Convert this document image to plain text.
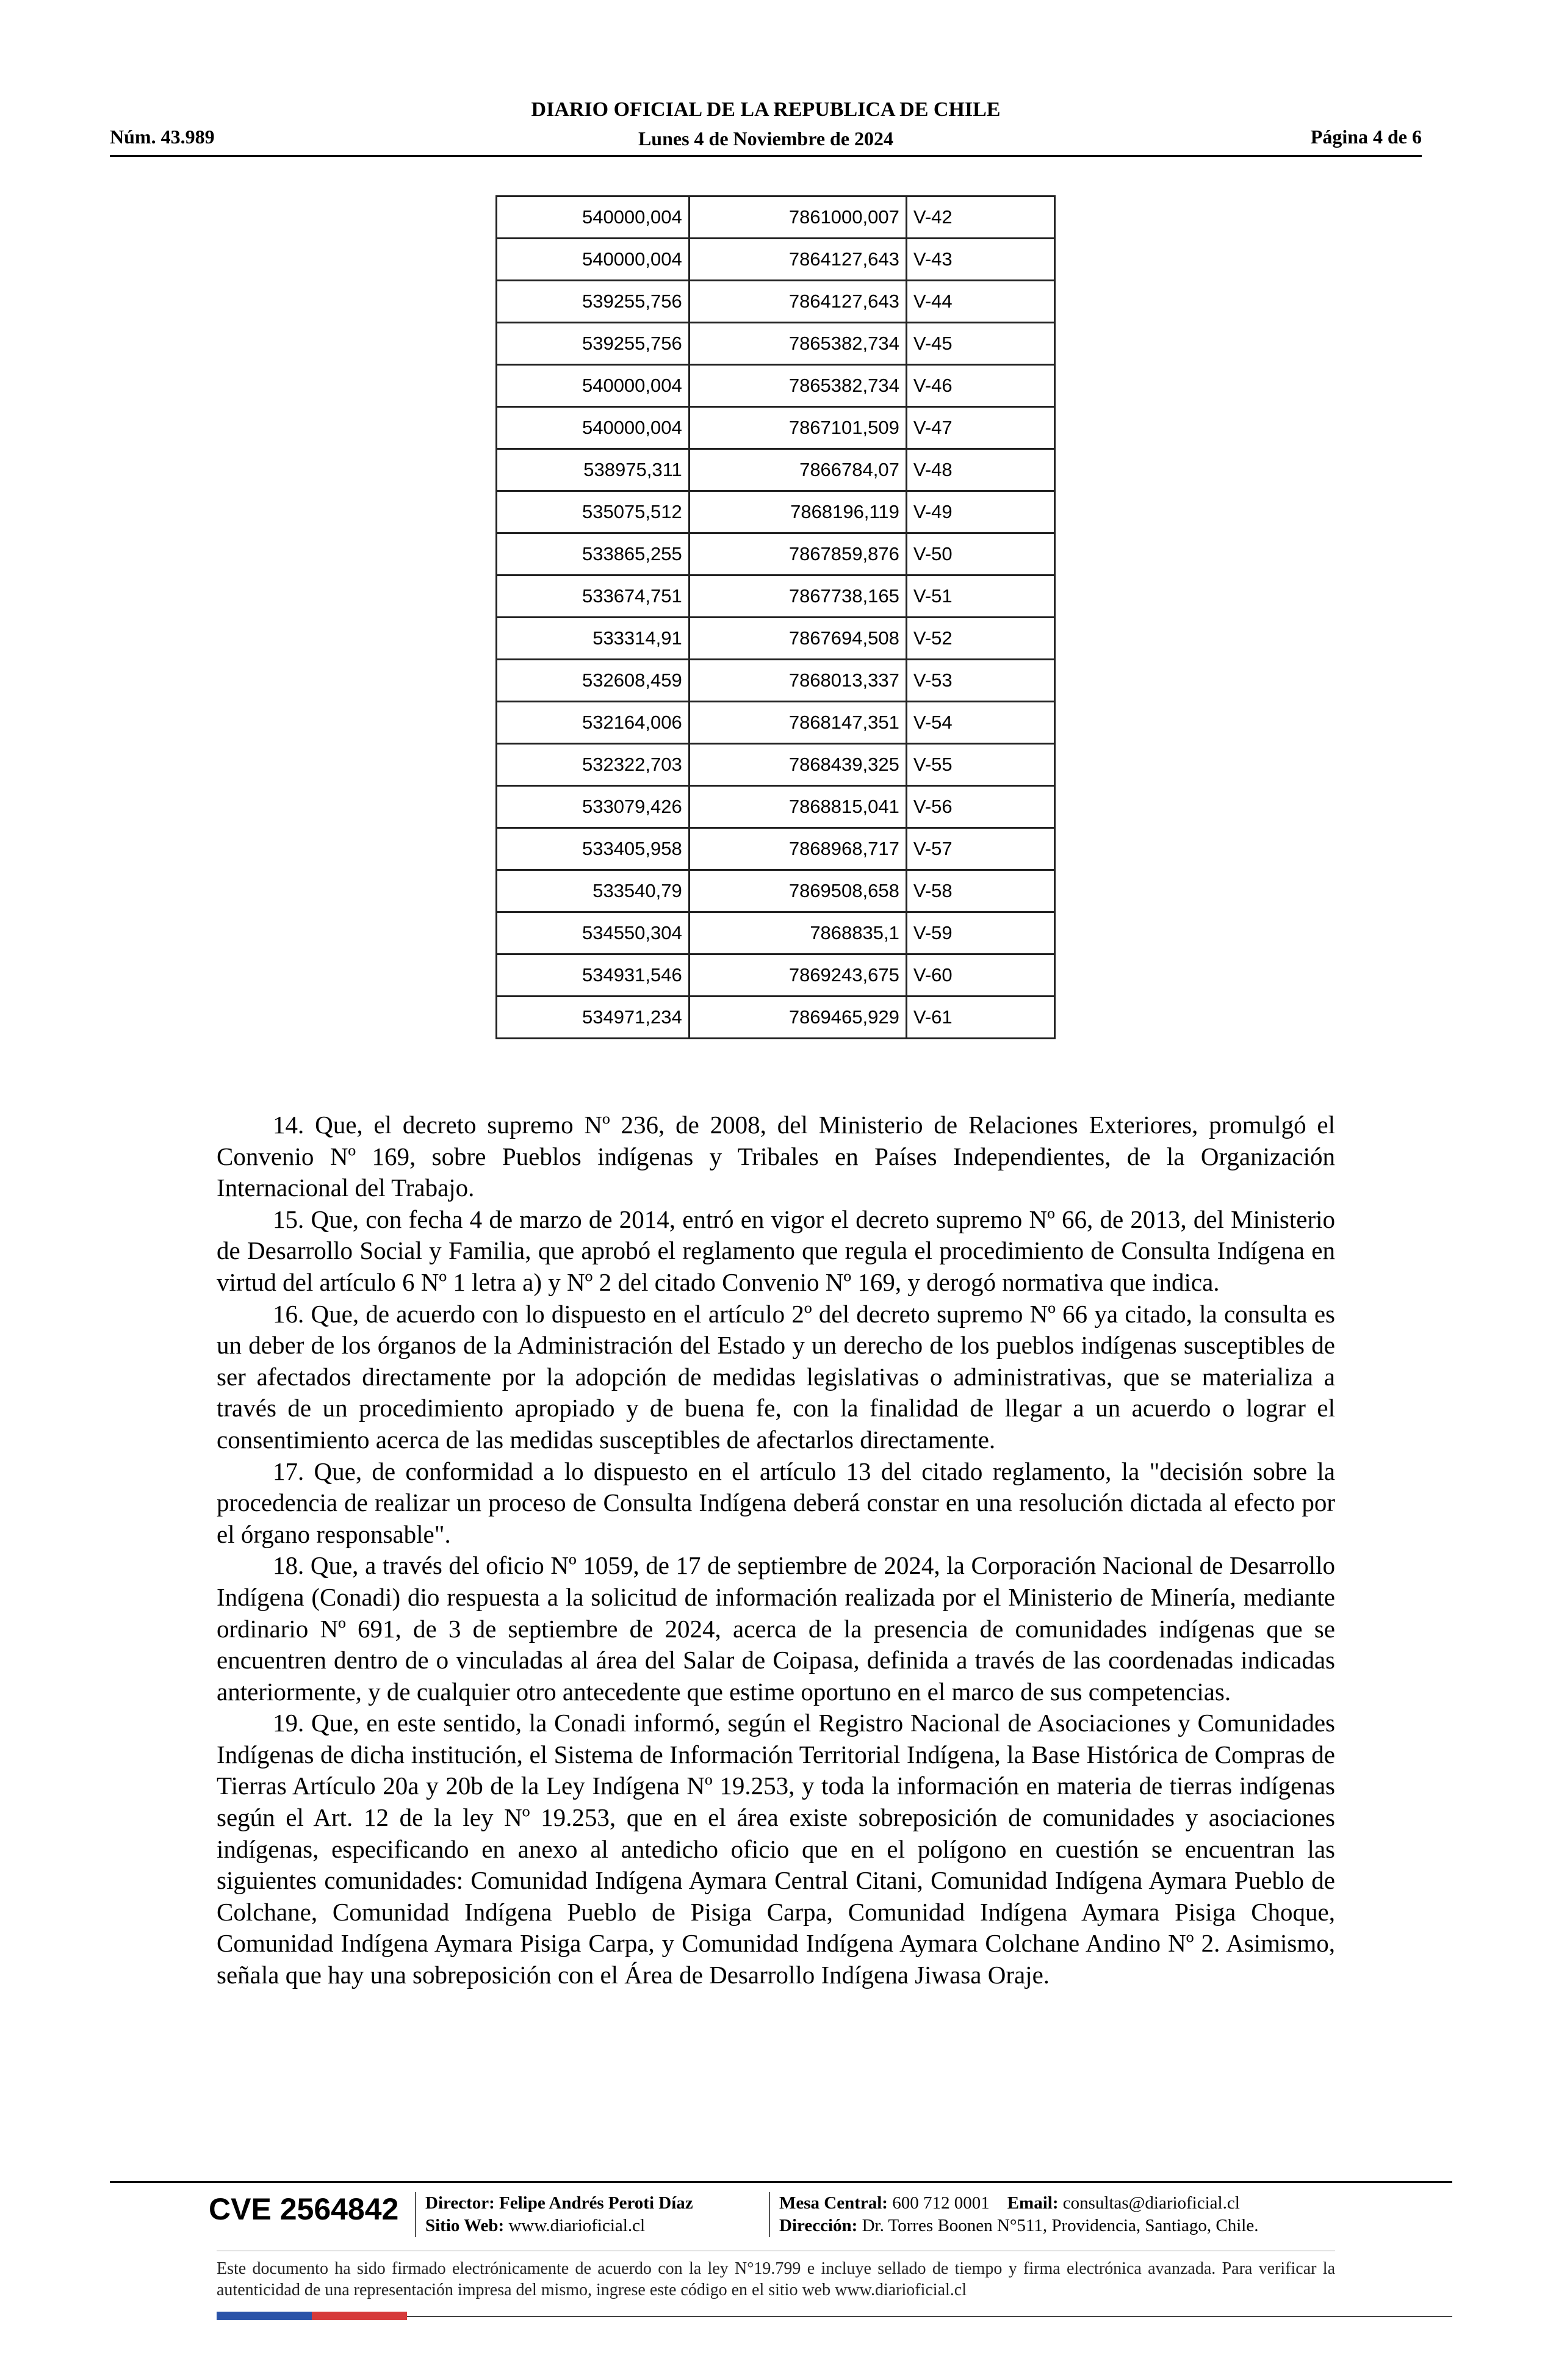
Núm. 43.989
DIARIO OFICIAL DE LA REPUBLICA DE CHILE
Lunes 4 de Noviembre de 2024	Página 4 de 6
540000,004	7861000,007	V-42
540000,004	7864127,643	V-43
539255,756	7864127,643	V-44
539255,756	7865382,734	V-45
540000,004	7865382,734	V-46
540000,004	7867101,509	V-47
538975,311	7866784,07	V-48
535075,512	7868196,119	V-49
533865,255	7867859,876	V-50
533674,751	7867738,165	V-51
533314,91	7867694,508	V-52
532608,459	7868013,337	V-53
532164,006	7868147,351	V-54
532322,703	7868439,325	V-55
533079,426	7868815,041	V-56
533405,958	7868968,717	V-57
533540,79	7869508,658	V-58
534550,304	7868835,1	V-59
534931,546	7869243,675	V-60
534971,234	7869465,929	V-61

14. Que, el decreto supremo Nº 236, de 2008, del Ministerio de Relaciones Exteriores, promulgó el Convenio Nº 169, sobre Pueblos indígenas y Tribales en Países Independientes, de la Organización Internacional del Trabajo.

15. Que, con fecha 4 de marzo de 2014, entró en vigor el decreto supremo Nº 66, de 2013, del Ministerio de Desarrollo Social y Familia, que aprobó el reglamento que regula el procedimiento de Consulta Indígena en virtud del artículo 6 Nº 1 letra a) y Nº 2 del citado Convenio Nº 169, y derogó normativa que indica.

16. Que, de acuerdo con lo dispuesto en el artículo 2º del decreto supremo Nº 66 ya citado, la consulta es un deber de los órganos de la Administración del Estado y un derecho de los pueblos indígenas susceptibles de ser afectados directamente por la adopción de medidas legislativas o administrativas, que se materializa a través de un procedimiento apropiado y de buena fe, con la finalidad de llegar a un acuerdo o lograr el consentimiento acerca de las medidas susceptibles de afectarlos directamente.

17. Que, de conformidad a lo dispuesto en el artículo 13 del citado reglamento, la "decisión sobre la procedencia de realizar un proceso de Consulta Indígena deberá constar en una resolución dictada al efecto por el órgano responsable".

18. Que, a través del oficio Nº 1059, de 17 de septiembre de 2024, la Corporación Nacional de Desarrollo Indígena (Conadi) dio respuesta a la solicitud de información realizada por el Ministerio de Minería, mediante ordinario Nº 691, de 3 de septiembre de 2024, acerca de la presencia de comunidades indígenas que se encuentren dentro de o vinculadas al área del Salar de Coipasa, definida a través de las coordenadas indicadas anteriormente, y de cualquier otro antecedente que estime oportuno en el marco de sus competencias.

19. Que, en este sentido, la Conadi informó, según el Registro Nacional de Asociaciones y Comunidades Indígenas de dicha institución, el Sistema de Información Territorial Indígena, la Base Histórica de Compras de Tierras Artículo 20a y 20b de la Ley Indígena Nº 19.253, y toda la información en materia de tierras indígenas según el Art. 12 de la ley Nº 19.253, que en el área existe sobreposición de comunidades y asociaciones indígenas, especificando en anexo al antedicho oficio que en el polígono en cuestión se encuentran las siguientes comunidades: Comunidad Indígena Aymara Central Citani, Comunidad Indígena Aymara Pueblo de Colchane, Comunidad Indígena Pueblo de Pisiga Carpa, Comunidad Indígena Aymara Pisiga Choque, Comunidad Indígena Aymara Pisiga Carpa, y Comunidad Indígena Aymara Colchane Andino Nº 2. Asimismo, señala que hay una sobreposición con el Área de Desarrollo Indígena Jiwasa Oraje.

CVE 2564842 Director: Felipe Andrés Peroti Díaz
Sitio Web: www.diarioficial.cl
Mesa Central: 600 712 0001 Email: consultas@diarioficial.cl
Dirección: Dr. Torres Boonen N°511, Providencia, Santiago, Chile.
Este documento ha sido firmado electrónicamente de acuerdo con la ley N°19.799 e incluye sellado de tiempo y firma electrónica avanzada. Para verificar la autenticidad de una representación impresa del mismo, ingrese este código en el sitio web www.diarioficial.cl
